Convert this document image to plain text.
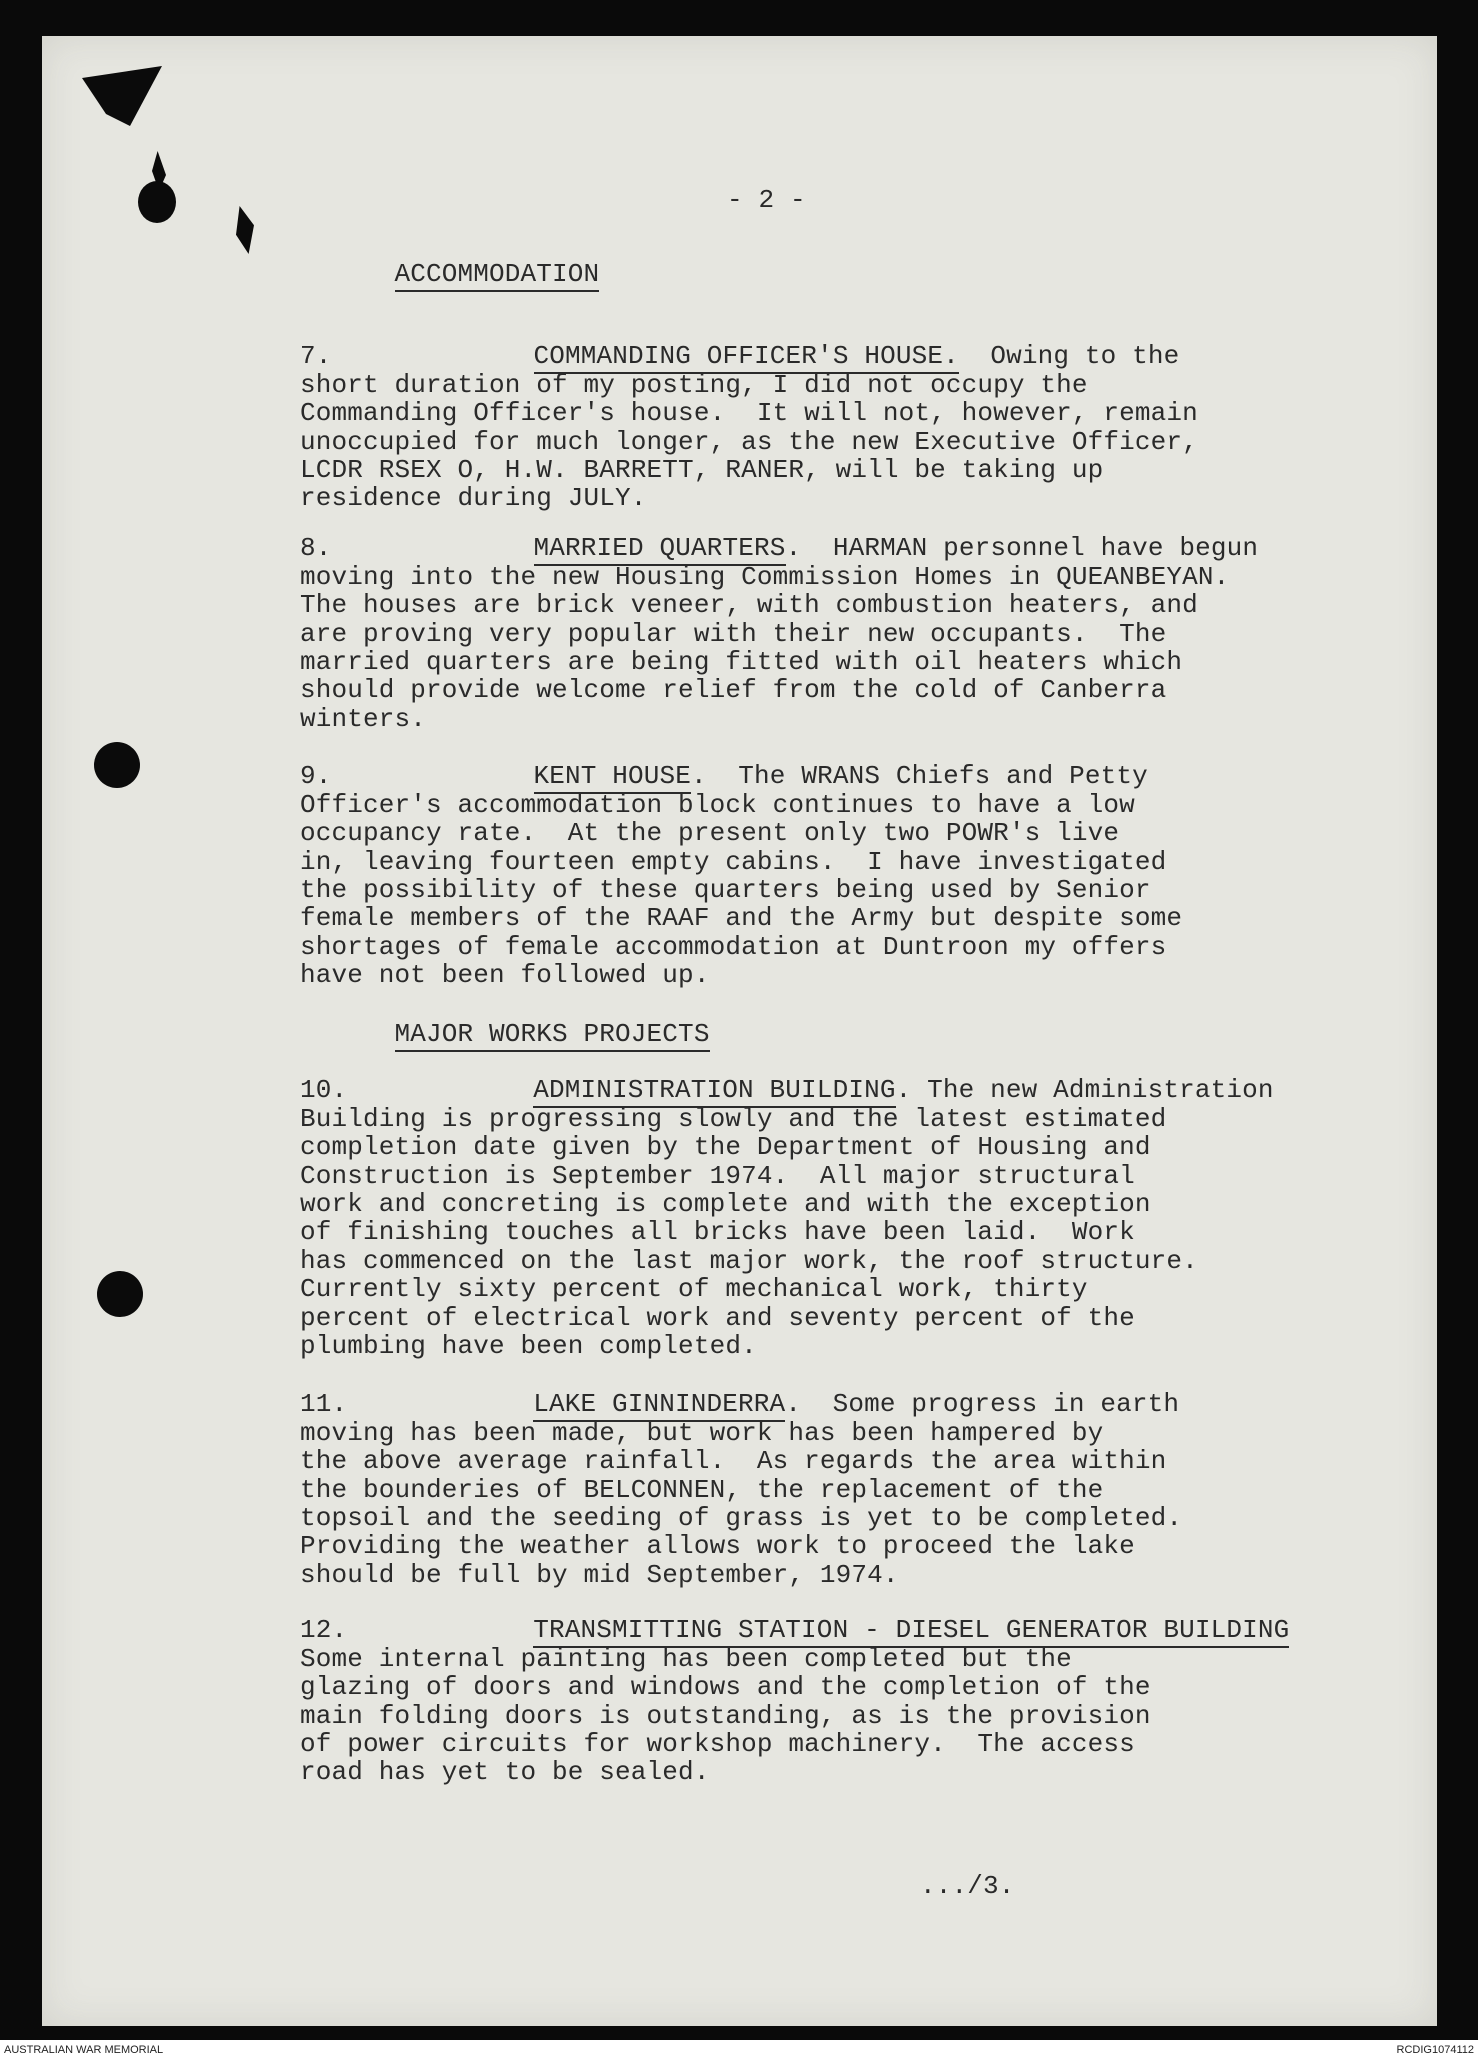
- 2 -

ACCOMMODATION

7.	COMMANDING OFFICER'S HOUSE.  Owing to the
short duration of my posting, I did not occupy the
Commanding Officer's house.  It will not, however, remain
unoccupied for much longer, as the new Executive Officer,
LCDR RSEX O, H.W. BARRETT, RANER, will be taking up
residence during JULY.

8.	MARRIED QUARTERS.  HARMAN personnel have begun
moving into the new Housing Commission Homes in QUEANBEYAN.
The houses are brick veneer, with combustion heaters, and
are proving very popular with their new occupants.  The
married quarters are being fitted with oil heaters which
should provide welcome relief from the cold of Canberra
winters.

9.	KENT HOUSE.  The WRANS Chiefs and Petty
Officer's accommodation block continues to have a low
occupancy rate.  At the present only two POWR's live
in, leaving fourteen empty cabins.  I have investigated
the possibility of these quarters being used by Senior
female members of the RAAF and the Army but despite some
shortages of female accommodation at Duntroon my offers
have not been followed up.

MAJOR WORKS PROJECTS

10.	ADMINISTRATION BUILDING. The new Administration
Building is progressing slowly and the latest estimated
completion date given by the Department of Housing and
Construction is September 1974.  All major structural
work and concreting is complete and with the exception
of finishing touches all bricks have been laid.  Work
has commenced on the last major work, the roof structure.
Currently sixty percent of mechanical work, thirty
percent of electrical work and seventy percent of the
plumbing have been completed.

11.	LAKE GINNINDERRA.  Some progress in earth
moving has been made, but work has been hampered by
the above average rainfall.  As regards the area within
the bounderies of BELCONNEN, the replacement of the
topsoil and the seeding of grass is yet to be completed.
Providing the weather allows work to proceed the lake
should be full by mid September, 1974.

12.	TRANSMITTING STATION - DIESEL GENERATOR BUILDING
Some internal painting has been completed but the
glazing of doors and windows and the completion of the
main folding doors is outstanding, as is the provision
of power circuits for workshop machinery.  The access
road has yet to be sealed.
.../3.
AUSTRALIAN WAR MEMORIAL	RCDIG1074112
